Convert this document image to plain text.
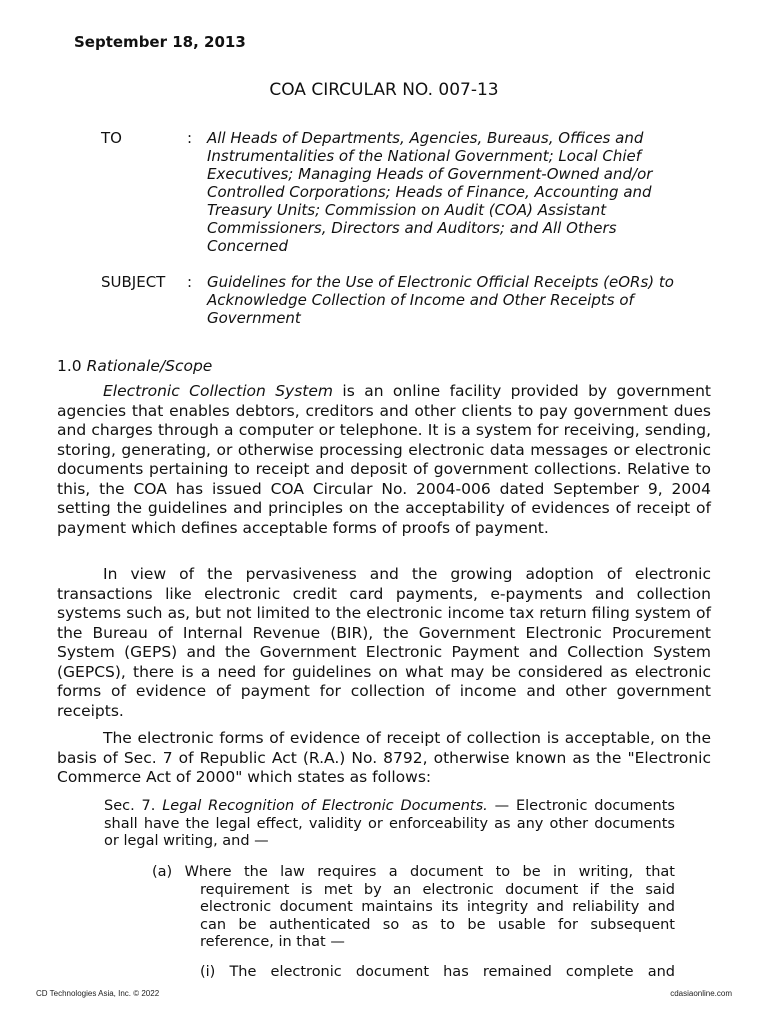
September 18, 2013
COA CIRCULAR NO. 007-13
TO	: All Heads of Departments, Agencies, Bureaus, Offices and Instrumentalities of the National Government; Local Chief Executives; Managing Heads of Government-Owned and/or Controlled Corporations; Heads of Finance, Accounting and Treasury Units; Commission on Audit (COA) Assistant Commissioners, Directors and Auditors; and All Others Concerned
SUBJECT : Guidelines for the Use of Electronic Official Receipts (eORs) to Acknowledge Collection of Income and Other Receipts of Government
1.0 Rationale/Scope

Electronic Collection System is an online facility provided by government agencies that enables debtors, creditors and other clients to pay government dues and charges through a computer or telephone. It is a system for receiving, sending, storing, generating, or otherwise processing electronic data messages or electronic documents pertaining to receipt and deposit of government collections. Relative to this, the COA has issued COA Circular No. 2004-006 dated September 9, 2004 setting the guidelines and principles on the acceptability of evidences of receipt of payment which defines acceptable forms of proofs of payment.

In view of the pervasiveness and the growing adoption of electronic transactions like electronic credit card payments, e-payments and collection systems such as, but not limited to the electronic income tax return filing system of the Bureau of Internal Revenue (BIR), the Government Electronic Procurement System (GEPS) and the Government Electronic Payment and Collection System (GEPCS), there is a need for guidelines on what may be considered as electronic forms of evidence of payment for collection of income and other government receipts.

The electronic forms of evidence of receipt of collection is acceptable, on the basis of Sec. 7 of Republic Act (R.A.) No. 8792, otherwise known as the "Electronic Commerce Act of 2000" which states as follows:

Sec. 7. Legal Recognition of Electronic Documents. — Electronic documents shall have the legal effect, validity or enforceability as any other documents or legal writing, and —

(a) Where the law requires a document to be in writing, that requirement is met by an electronic document if the said electronic document maintains its integrity and reliability and can be authenticated so as to be usable for subsequent reference, in that —

(i) The electronic document has remained complete and

CD Technologies Asia, Inc. © 2022	cdasiaonline.com
